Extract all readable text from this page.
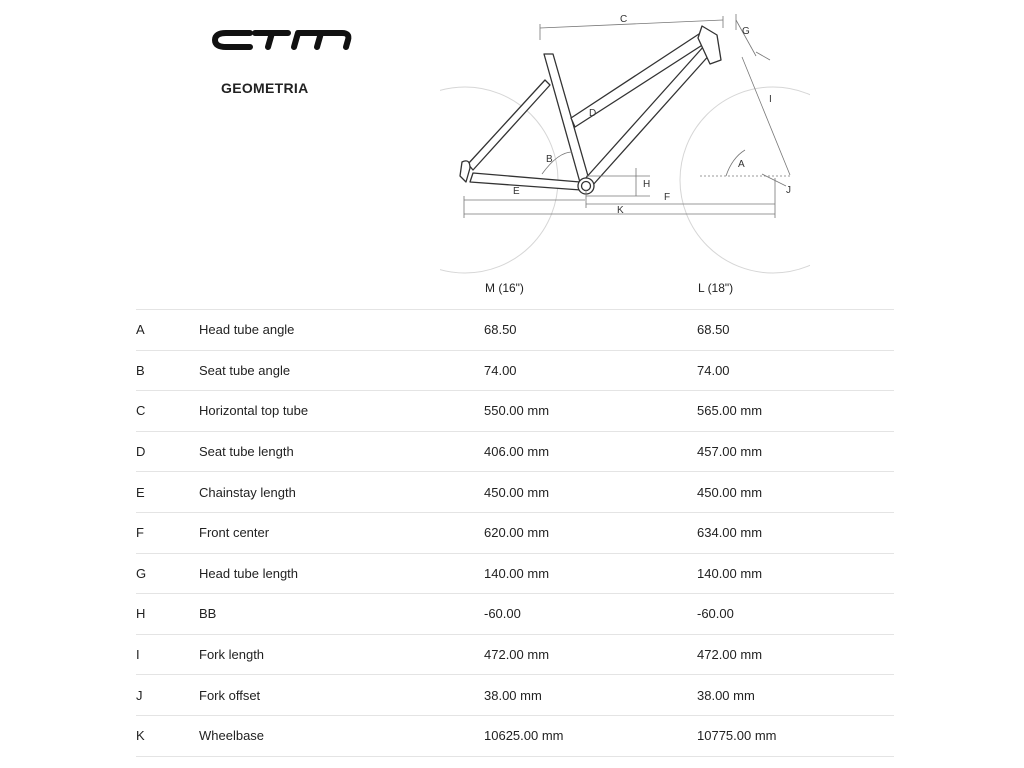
GEOMETRIA
C
G
I
D
B	A
H
J
E
F
K
M (16")	L (18")
A	Head tube angle	68.50	68.50
B	Seat tube angle	74.00	74.00
C	Horizontal top tube	550.00 mm	565.00 mm
D	Seat tube length	406.00 mm	457.00 mm
E	Chainstay length	450.00 mm	450.00 mm
F	Front center	620.00 mm	634.00 mm
G	Head tube length	140.00 mm	140.00 mm
H	BB	-60.00	-60.00
I	Fork length	472.00 mm	472.00 mm
J	Fork offset	38.00 mm	38.00 mm
K	Wheelbase	10625.00 mm	10775.00 mm
